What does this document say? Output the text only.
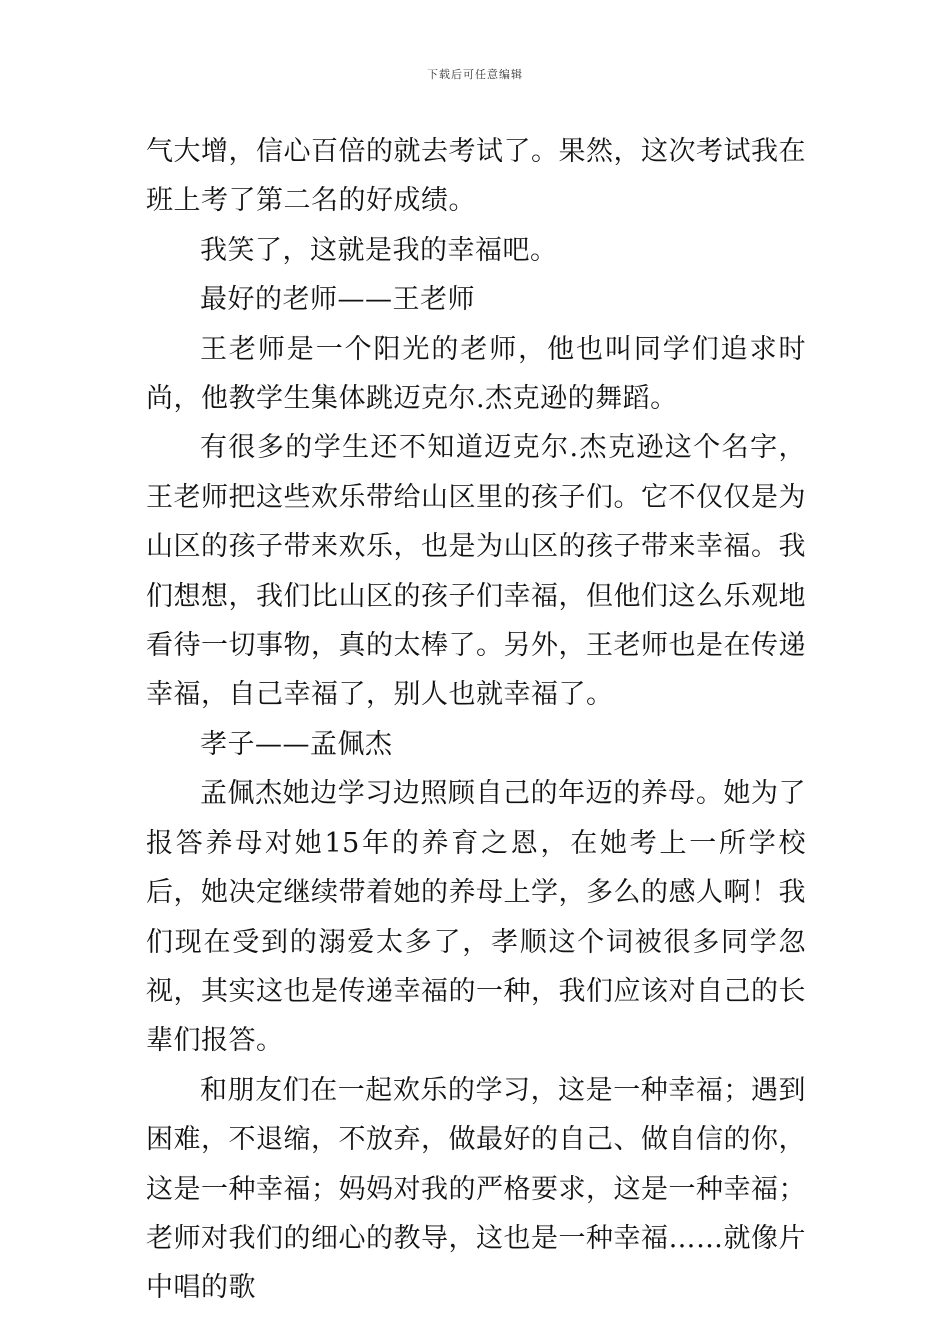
下载后可任意编辑

气大增，信心百倍的就去考试了。果然，这次考试我在班上考了第二名的好成绩。

我笑了，这就是我的幸福吧。

最好的老师——王老师

王老师是一个阳光的老师，他也叫同学们追求时尚，他教学生集体跳迈克尔.杰克逊的舞蹈。

有很多的学生还不知道迈克尔.杰克逊这个名字，王老师把这些欢乐带给山区里的孩子们。它不仅仅是为山区的孩子带来欢乐，也是为山区的孩子带来幸福。我们想想，我们比山区的孩子们幸福，但他们这么乐观地看待一切事物，真的太棒了。另外，王老师也是在传递幸福，自己幸福了，别人也就幸福了。

孝子——孟佩杰

孟佩杰她边学习边照顾自己的年迈的养母。她为了报答养母对她15年的养育之恩，在她考上一所学校后，她决定继续带着她的养母上学，多么的感人啊！我们现在受到的溺爱太多了，孝顺这个词被很多同学忽视，其实这也是传递幸福的一种，我们应该对自己的长辈们报答。

和朋友们在一起欢乐的学习，这是一种幸福；遇到困难，不退缩，不放弃，做最好的自己、做自信的你，这是一种幸福；妈妈对我的严格要求，这是一种幸福；老师对我们的细心的教导，这也是一种幸福……就像片中唱的歌
